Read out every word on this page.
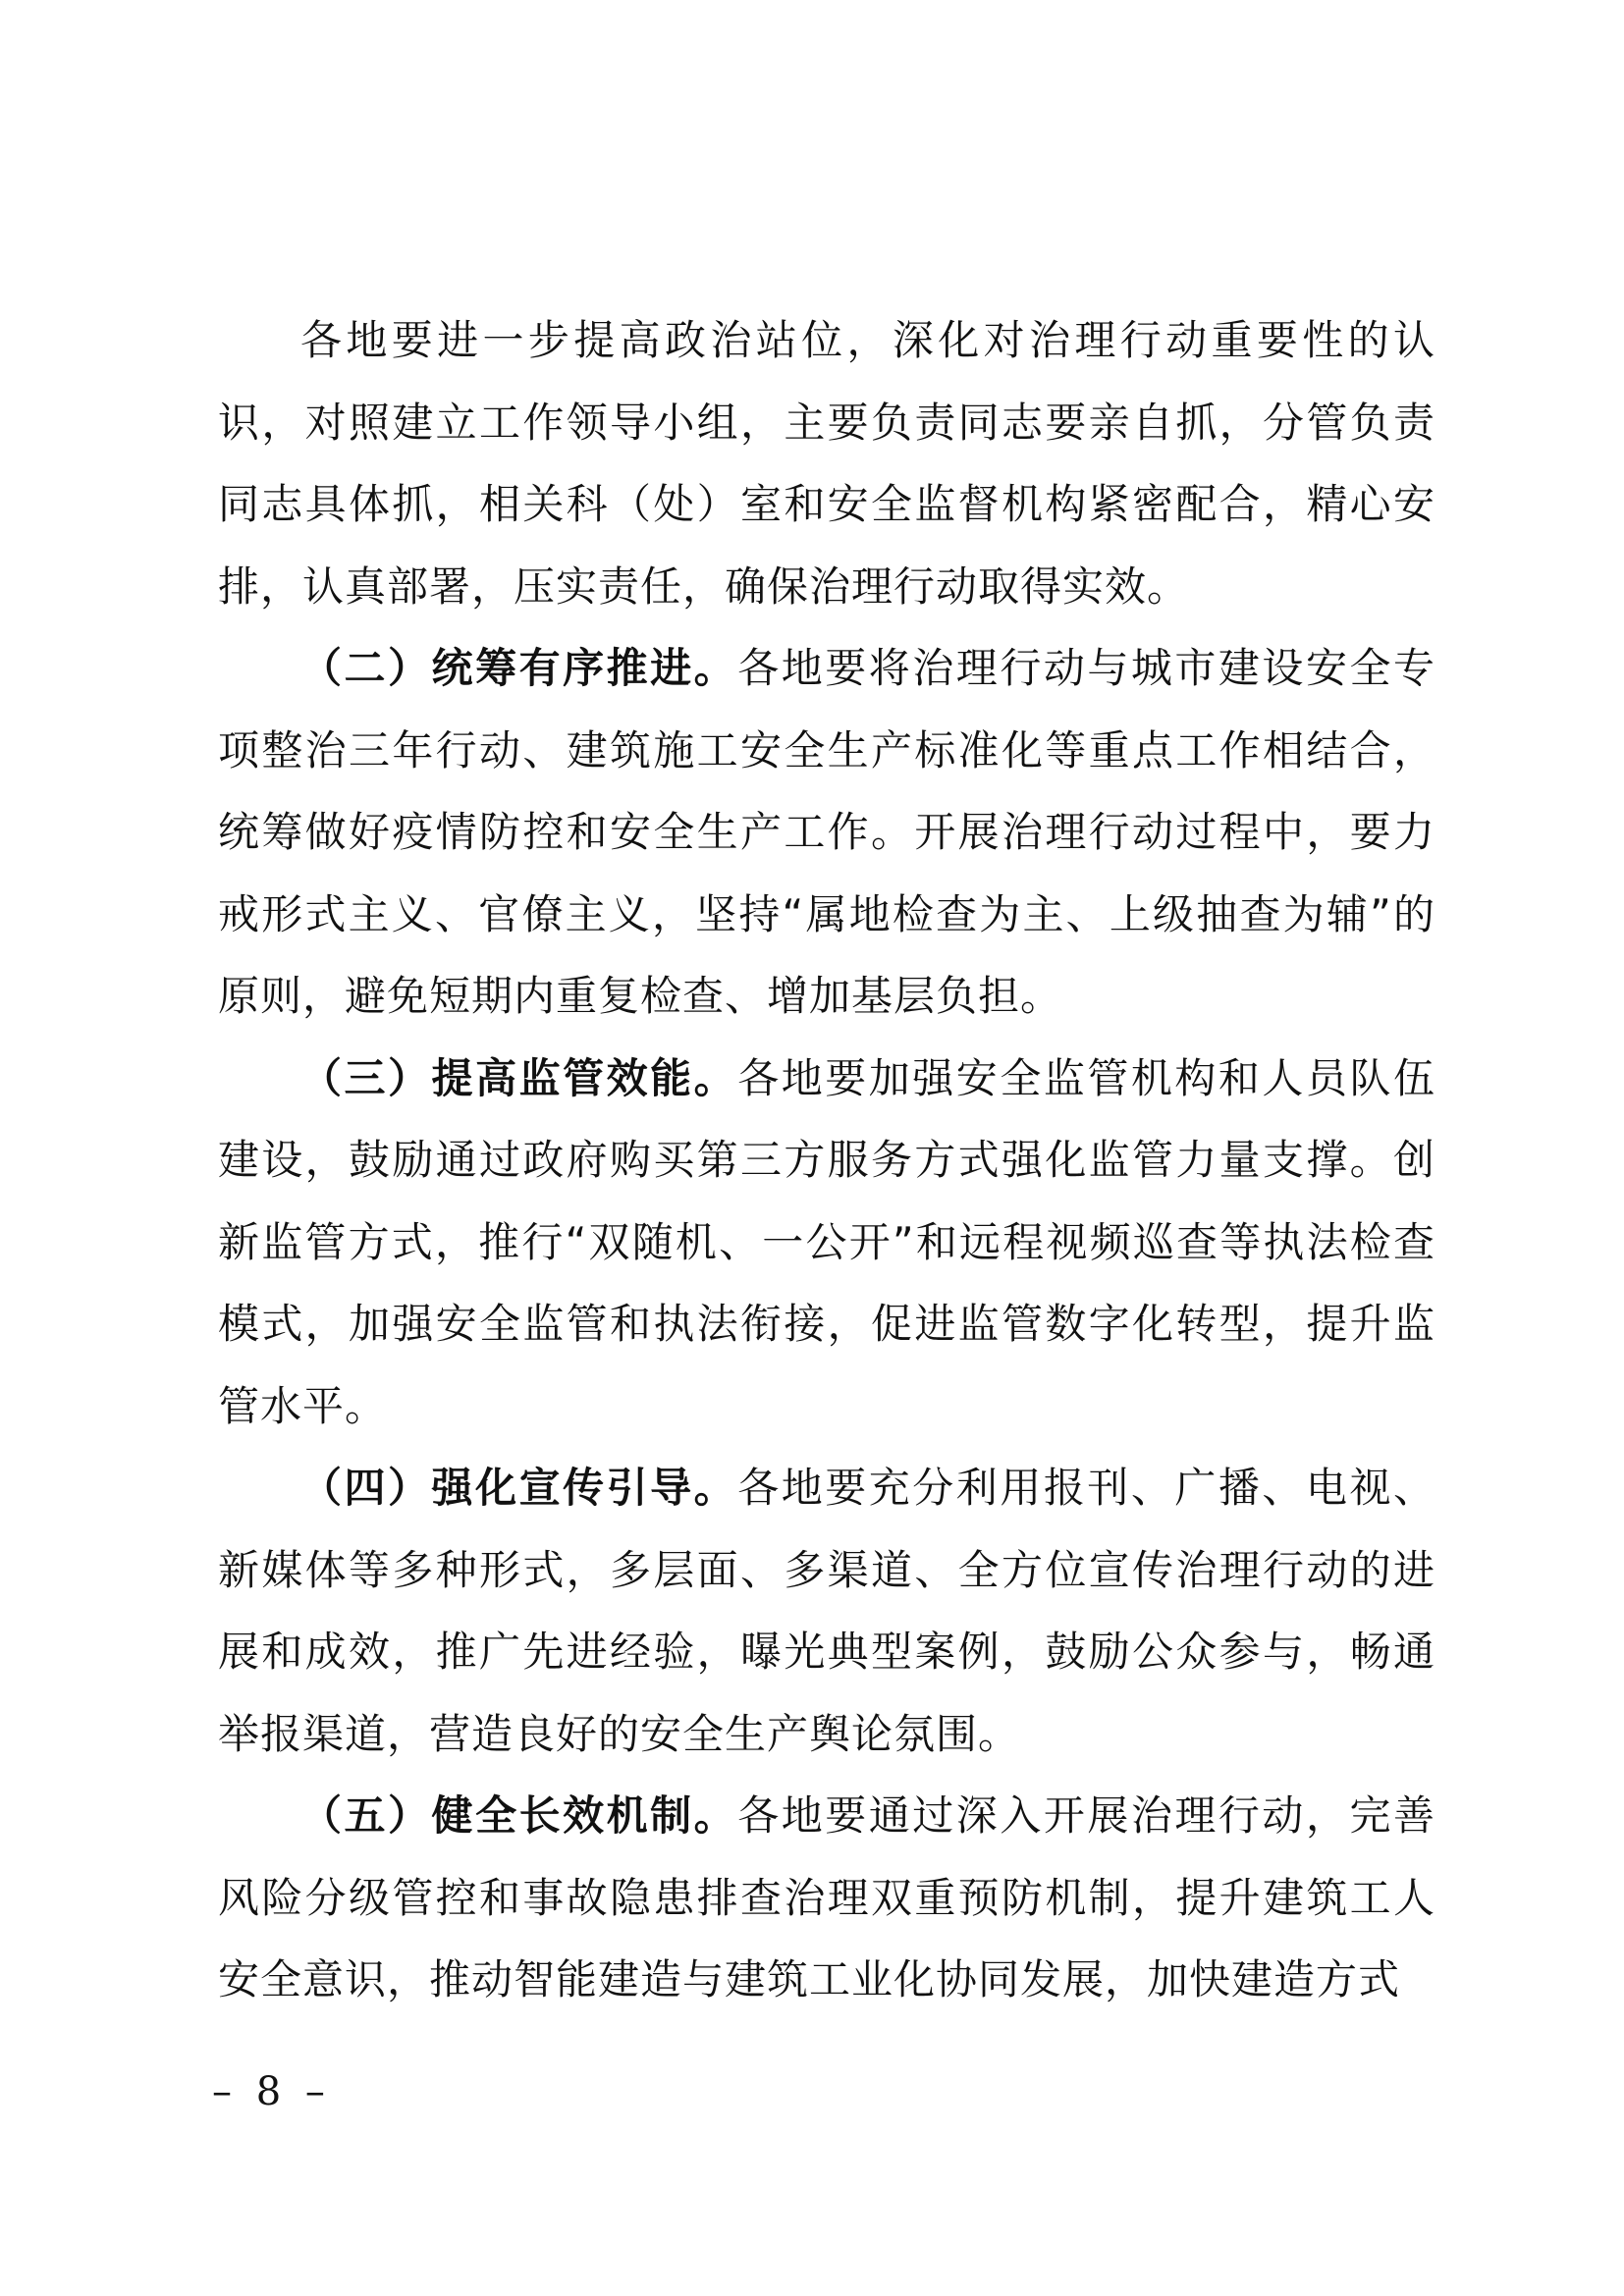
各地要进一步提高政治站位，深化对治理行动重要性的认识，对照建立工作领导小组，主要负责同志要亲自抓，分管负责同志具体抓，相关科（处）室和安全监督机构紧密配合，精心安排，认真部署，压实责任，确保治理行动取得实效。

（二）统筹有序推进。各地要将治理行动与城市建设安全专项整治三年行动、建筑施工安全生产标准化等重点工作相结合，统筹做好疫情防控和安全生产工作。开展治理行动过程中，要力戒形式主义、官僚主义，坚持“属地检查为主、上级抽查为辅”的原则，避免短期内重复检查、增加基层负担。

（三）提高监管效能。各地要加强安全监管机构和人员队伍建设，鼓励通过政府购买第三方服务方式强化监管力量支撑。创新监管方式，推行“双随机、一公开”和远程视频巡查等执法检查模式，加强安全监管和执法衔接，促进监管数字化转型，提升监管水平。

（四）强化宣传引导。各地要充分利用报刊、广播、电视、新媒体等多种形式，多层面、多渠道、全方位宣传治理行动的进展和成效，推广先进经验，曝光典型案例，鼓励公众参与，畅通举报渠道，营造良好的安全生产舆论氛围。

（五）健全长效机制。各地要通过深入开展治理行动，完善风险分级管控和事故隐患排查治理双重预防机制，提升建筑工人安全意识，推动智能建造与建筑工业化协同发展，加快建造方式

– 8 –
